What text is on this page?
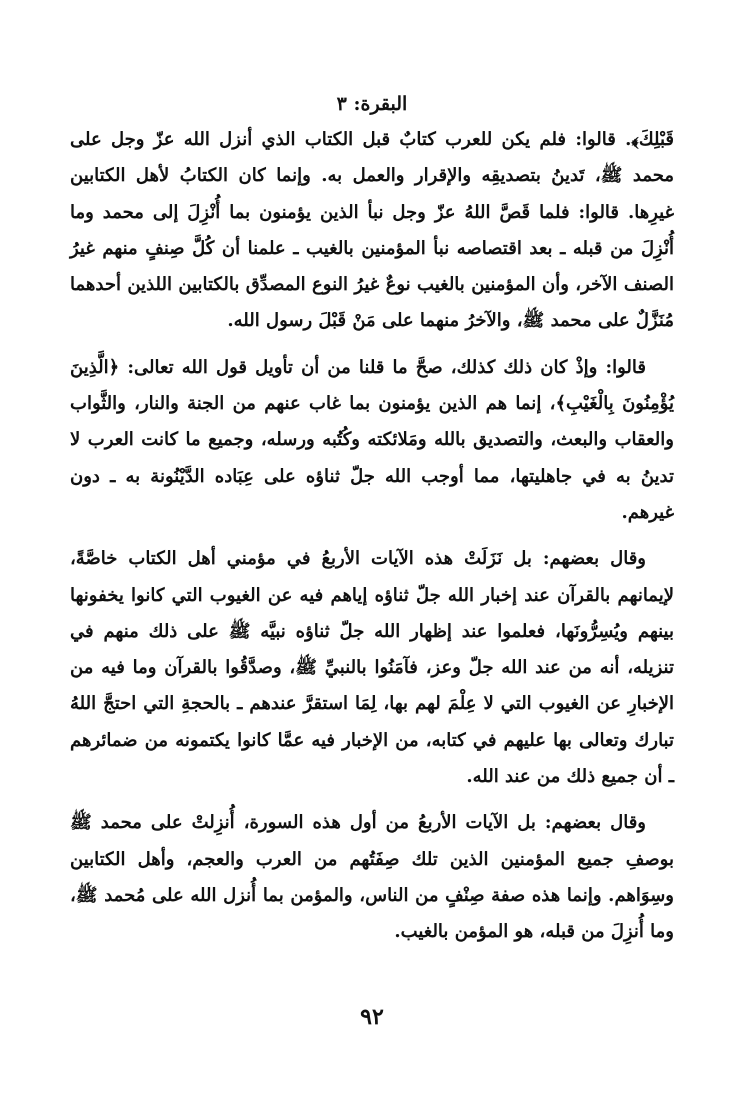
البقرة: ٣

قَبْلِكَ﴾. قالوا: فلم يكن للعرب كتابٌ قبل الكتاب الذي أنزل الله عزّ وجل على محمد ﷺ، تَدينُ بتصديقِه والإقرار والعمل به. وإنما كان الكتابُ لأهل الكتابين غيرِها. قالوا: فلما قَصَّ اللهُ عزّ وجل نبأ الذين يؤمنون بما أُنْزِلَ إلى محمد وما أُنْزِلَ من قبله ـ بعد اقتصاصه نبأ المؤمنين بالغيب ـ علمنا أن كُلَّ صِنفٍ منهم غيرُ الصنف الآخر، وأن المؤمنين بالغيب نوعٌ غيرُ النوع المصدِّق بالكتابين اللذين أحدهما مُنَزَّلٌ على محمد ﷺ، والآخرُ منهما على مَنْ قَبْلَ رسول الله.

قالوا: وإذْ كان ذلك كذلك، صحَّ ما قلنا من أن تأويل قول الله تعالى: ﴿الَّذِينَ يُؤْمِنُونَ بِالْغَيْبِ﴾، إنما هم الذين يؤمنون بما غاب عنهم من الجنة والنار، والثَّواب والعقاب والبعث، والتصديق بالله ومَلائكته وكُتُبه ورسله، وجميع ما كانت العرب لا تدينُ به في جاهليتها، مما أوجب الله جلّ ثناؤه على عِبَاده الدَّيْنُونة به ـ دون غيرهم.

وقال بعضهم: بل نَزَلَتْ هذه الآيات الأربعُ في مؤمني أهل الكتاب خاصَّةً، لإيمانهم بالقرآن عند إخبار الله جلّ ثناؤه إياهم فيه عن الغيوب التي كانوا يخفونها بينهم ويُسِرُّونَها، فعلموا عند إظهار الله جلّ ثناؤه نبيَّه ﷺ على ذلك منهم في تنزيله، أنه من عند الله جلّ وعز، فآمَنُوا بالنبيِّ ﷺ، وصدَّقُوا بالقرآن وما فيه من الإخبارِ عن الغيوب التي لا عِلْمَ لهم بها، لِمَا استقرَّ عندهم ـ بالحجةِ التي احتجَّ اللهُ تبارك وتعالى بها عليهم في كتابه، من الإخبار فيه عمَّا كانوا يكتمونه من ضمائرهم ـ أن جميع ذلك من عند الله.

وقال بعضهم: بل الآيات الأربعُ من أول هذه السورة، أُنزِلتْ على محمد ﷺ بوصفِ جميع المؤمنين الذين تلك صِفَتُهم من العرب والعجم، وأهل الكتابين وسِوَاهم. وإنما هذه صفة صِنْفٍ من الناس، والمؤمن بما أُنزل الله على مُحمد ﷺ، وما أُنزِلَ من قبله، هو المؤمن بالغيب.

٩٢
